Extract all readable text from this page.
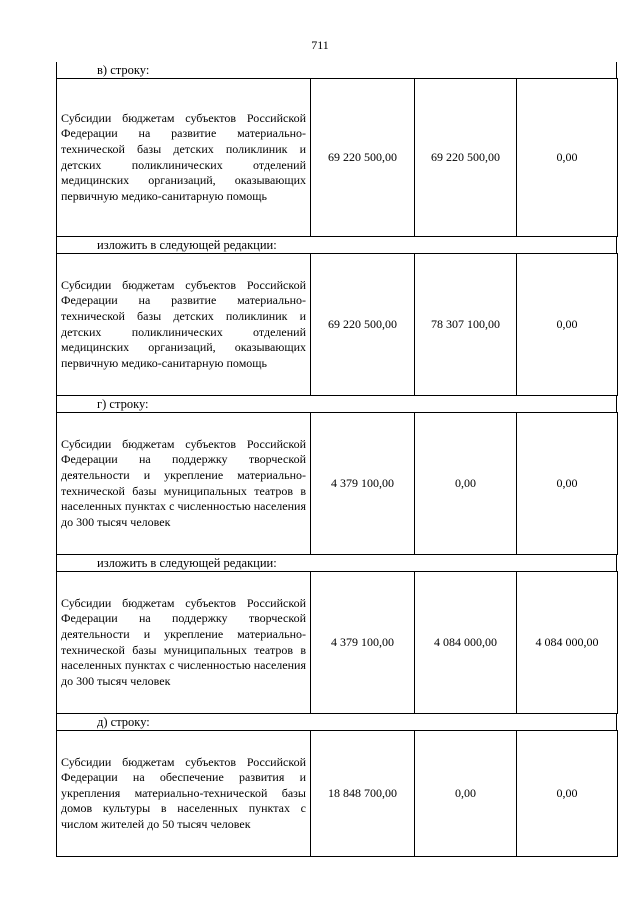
711
в) строку:
Субсидии бюджетам субъектов Российской Федерации на развитие материально-технической базы детских поликлиник и детских поликлинических отделений медицинских организаций, оказывающих первичную медико-санитарную помощь	69 220 500,00	69 220 500,00	0,00
изложить в следующей редакции:
Субсидии бюджетам субъектов Российской Федерации на развитие материально-технической базы детских поликлиник и детских поликлинических отделений медицинских организаций, оказывающих первичную медико-санитарную помощь	69 220 500,00	78 307 100,00	0,00
г) строку:
Субсидии бюджетам субъектов Российской Федерации на поддержку творческой деятельности и укрепление материально-технической базы муниципальных театров в населенных пунктах с численностью населения до 300 тысяч человек	4 379 100,00	0,00	0,00
изложить в следующей редакции:
Субсидии бюджетам субъектов Российской Федерации на поддержку творческой деятельности и укрепление материально-технической базы муниципальных театров в населенных пунктах с численностью населения до 300 тысяч человек	4 379 100,00	4 084 000,00	4 084 000,00
д) строку:
Субсидии бюджетам субъектов Российской Федерации на обеспечение развития и укрепления материально-технической базы домов культуры в населенных пунктах с числом жителей до 50 тысяч человек	18 848 700,00	0,00	0,00
